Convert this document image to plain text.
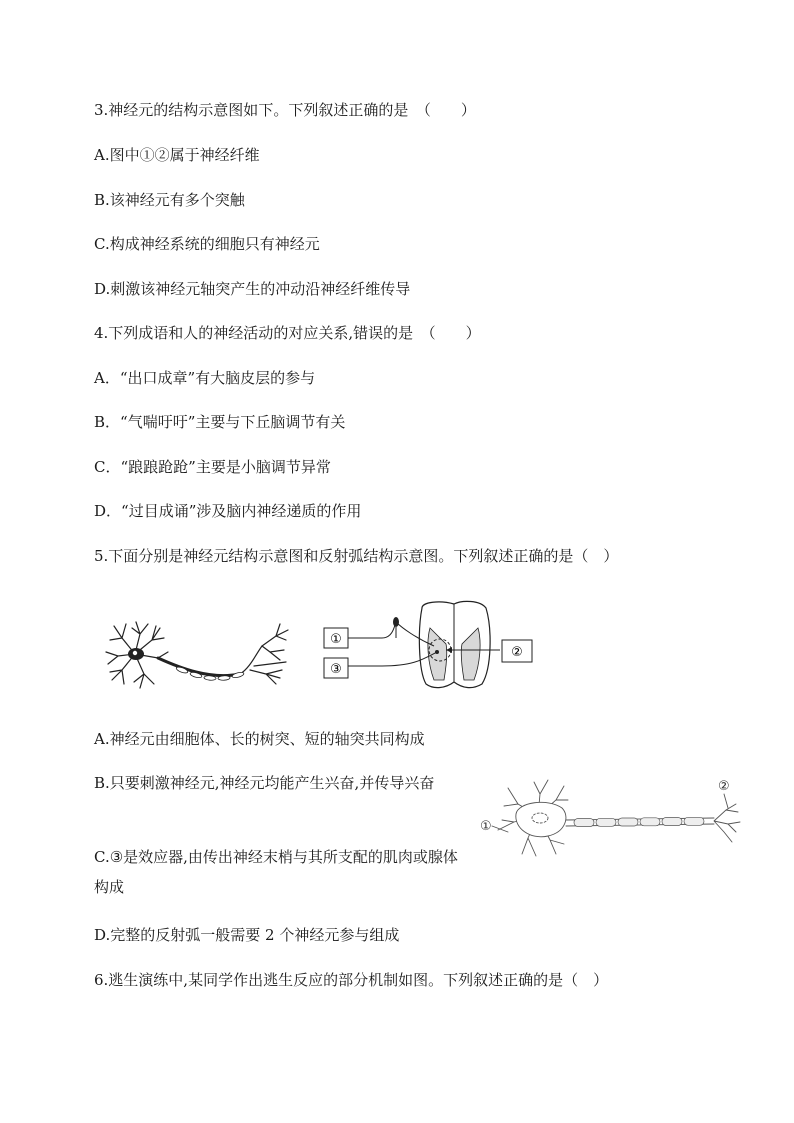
3.神经元的结构示意图如下。下列叙述正确的是　（　　）
A.图中①②属于神经纤维
B.该神经元有多个突触
C.构成神经系统的细胞只有神经元
D.刺激该神经元轴突产生的冲动沿神经纤维传导
4.下列成语和人的神经活动的对应关系,错误的是　（　　）
A．“出口成章”有大脑皮层的参与
B．“气喘吁吁”主要与下丘脑调节有关
C．“踉踉跄跄”主要是小脑调节异常
D．“过目成诵”涉及脑内神经递质的作用
5.下面分别是神经元结构示意图和反射弧结构示意图。下列叙述正确的是（　）
①
③
②
A.神经元由细胞体、长的树突、短的轴突共同构成
B.只要刺激神经元,神经元均能产生兴奋,并传导兴奋
C.③是效应器,由传出神经末梢与其所支配的肌肉或腺体构成
D.完整的反射弧一般需要 2 个神经元参与组成
①
②
6.逃生演练中,某同学作出逃生反应的部分机制如图。下列叙述正确的是（　）
